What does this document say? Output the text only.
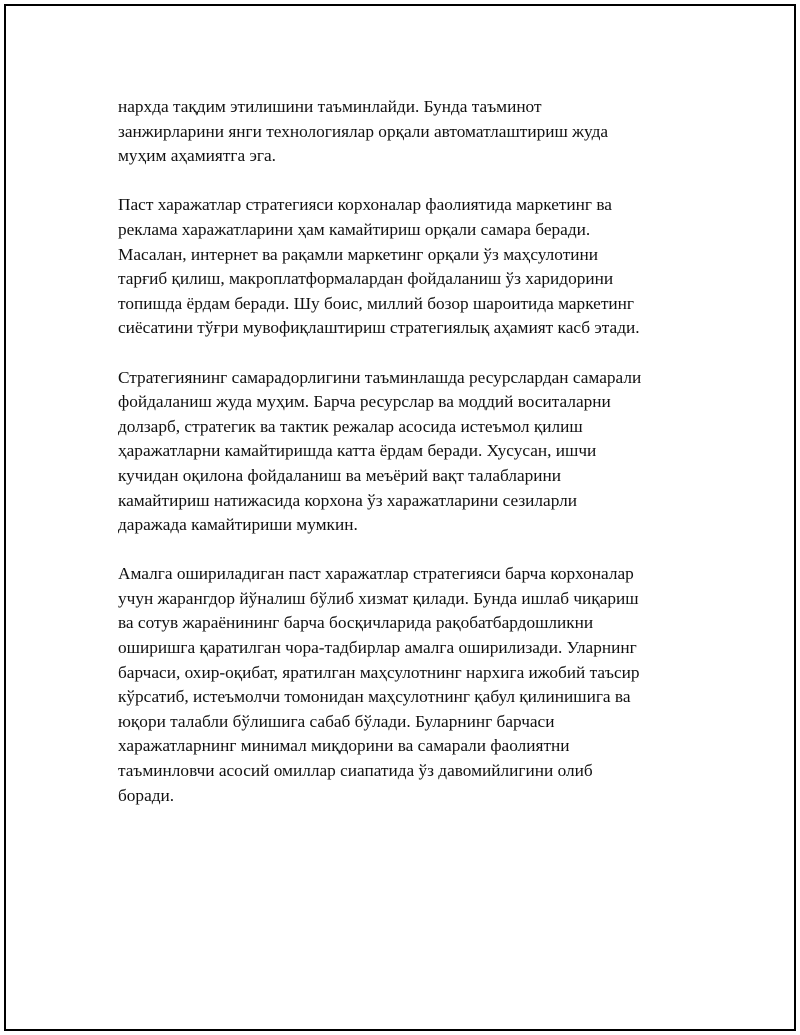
нархда тақдим этилишини таъминлайди. Бунда таъминот
занжирларини янги технологиялар орқали автоматлаштириш жуда
муҳим аҳамиятга эга.

Паст харажатлар стратегияси корхоналар фаолиятида маркетинг ва
реклама харажатларини ҳам камайтириш орқали самара беради.
Масалан, интернет ва рақамли маркетинг орқали ўз маҳсулотини
тарғиб қилиш, макроплатформалардан фойдаланиш ўз харидорини
топишда ёрдам беради. Шу боис, миллий бозор шароитида маркетинг
сиёсатини тўғри мувофиқлаштириш стратегиялық аҳамият касб этади.

Стратегиянинг самарадорлигини таъминлашда ресурслардан самарали
фойдаланиш жуда муҳим. Барча ресурслар ва моддий воситаларни
долзарб, стратегик ва тактик режалар асосида истеъмол қилиш
ҳаражатларни камайтиришда катта ёрдам беради. Хусусан, ишчи
кучидан оқилона фойдаланиш ва меъёрий вақт талабларини
камайтириш натижасида корхона ўз харажатларини сезиларли
даражада камайтириши мумкин.

Амалга ошириладиган паст харажатлар стратегияси барча корхоналар
учун жарангдор йўналиш бўлиб хизмат қилади. Бунда ишлаб чиқариш
ва сотув жараёнининг барча босқичларида рақобатбардошликни
оширишга қаратилган чора-тадбирлар амалга оширилизади. Уларнинг
барчаси, охир-оқибат, яратилган маҳсулотнинг нархига ижобий таъсир
кўрсатиб, истеъмолчи томонидан маҳсулотнинг қабул қилинишига ва
юқори талабли бўлишига сабаб бўлади. Буларнинг барчаси
харажатларнинг минимал миқдорини ва самарали фаолиятни
таъминловчи асосий омиллар сиапатида ўз давомийлигини олиб
боради.
